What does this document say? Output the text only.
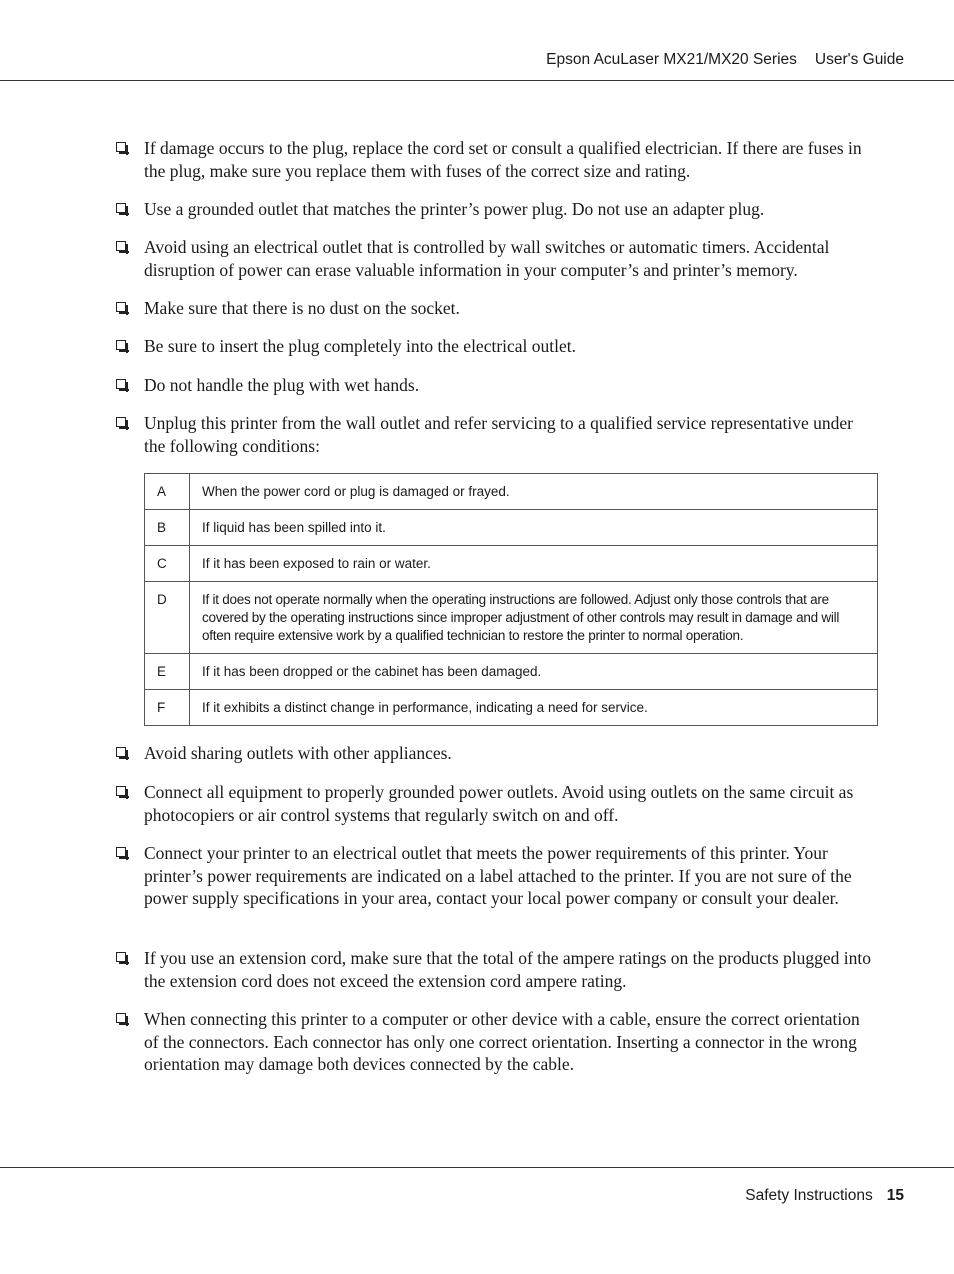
Epson AcuLaser MX21/MX20 Series User's Guide
If damage occurs to the plug, replace the cord set or consult a qualified electrician. If there are fuses in the plug, make sure you replace them with fuses of the correct size and rating.
Use a grounded outlet that matches the printer’s power plug. Do not use an adapter plug.
Avoid using an electrical outlet that is controlled by wall switches or automatic timers. Accidental disruption of power can erase valuable information in your computer’s and printer’s memory.
Make sure that there is no dust on the socket.
Be sure to insert the plug completely into the electrical outlet.
Do not handle the plug with wet hands.
Unplug this printer from the wall outlet and refer servicing to a qualified service representative under the following conditions:
A	When the power cord or plug is damaged or frayed.
B	If liquid has been spilled into it.
C	If it has been exposed to rain or water.
D	If it does not operate normally when the operating instructions are followed. Adjust only those controls that are covered by the operating instructions since improper adjustment of other controls may result in damage and will often require extensive work by a qualified technician to restore the printer to normal operation.
E	If it has been dropped or the cabinet has been damaged.
F	If it exhibits a distinct change in performance, indicating a need for service.
Avoid sharing outlets with other appliances.
Connect all equipment to properly grounded power outlets. Avoid using outlets on the same circuit as photocopiers or air control systems that regularly switch on and off.
Connect your printer to an electrical outlet that meets the power requirements of this printer. Your printer’s power requirements are indicated on a label attached to the printer. If you are not sure of the power supply specifications in your area, contact your local power company or consult your dealer.
If you use an extension cord, make sure that the total of the ampere ratings on the products plugged into the extension cord does not exceed the extension cord ampere rating.
When connecting this printer to a computer or other device with a cable, ensure the correct orientation of the connectors. Each connector has only one correct orientation. Inserting a connector in the wrong orientation may damage both devices connected by the cable.
Safety Instructions 15
